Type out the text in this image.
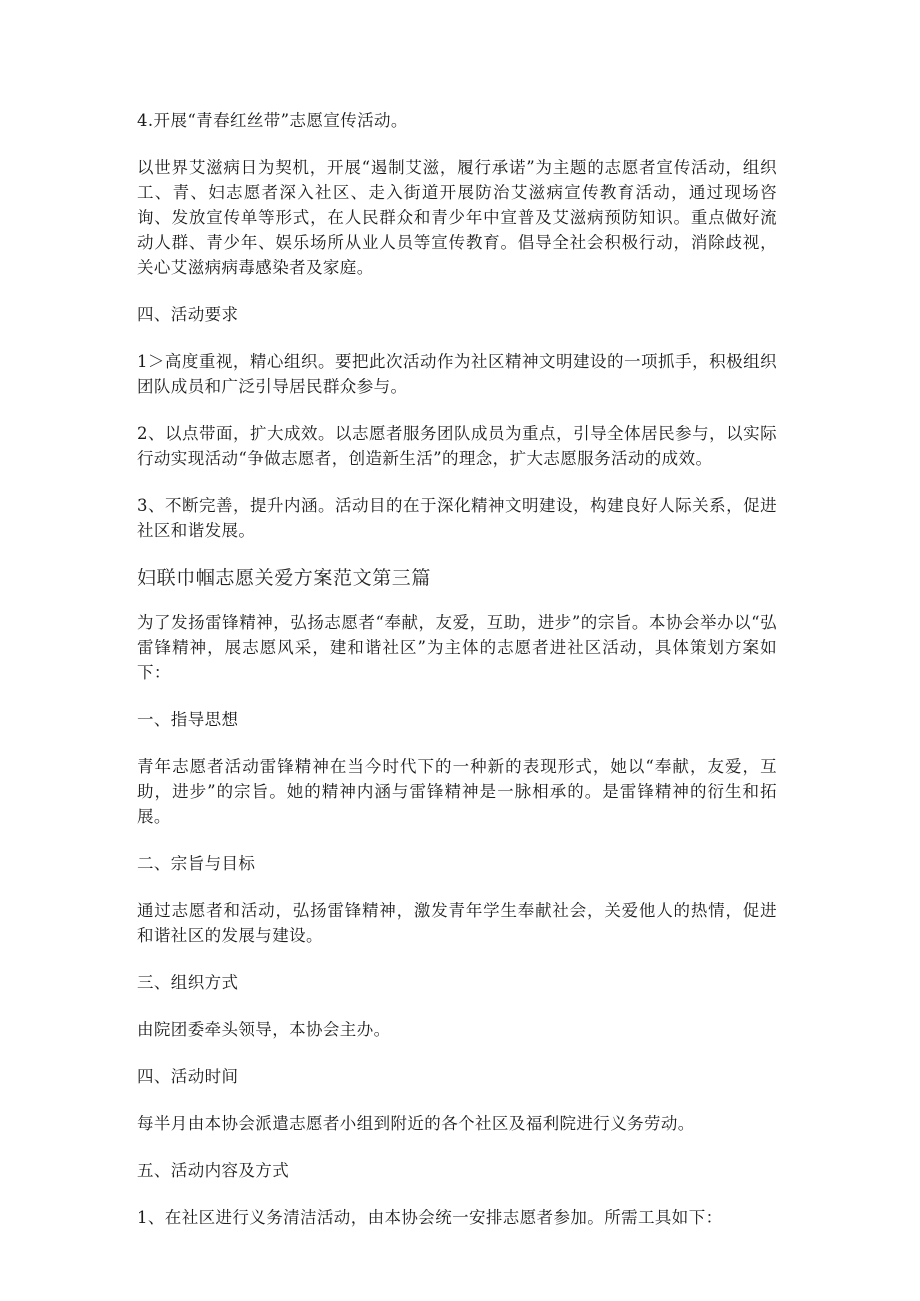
4.开展“青春红丝带”志愿宣传活动。

以世界艾滋病日为契机，开展“遏制艾滋，履行承诺”为主题的志愿者宣传活动，组织工、青、妇志愿者深入社区、走入街道开展防治艾滋病宣传教育活动，通过现场咨询、发放宣传单等形式，在人民群众和青少年中宣普及艾滋病预防知识。重点做好流动人群、青少年、娱乐场所从业人员等宣传教育。倡导全社会积极行动，消除歧视，关心艾滋病病毒感染者及家庭。

四、活动要求

1＞高度重视，精心组织。要把此次活动作为社区精神文明建设的一项抓手，积极组织团队成员和广泛引导居民群众参与。

2、以点带面，扩大成效。以志愿者服务团队成员为重点，引导全体居民参与，以实际行动实现活动“争做志愿者，创造新生活”的理念，扩大志愿服务活动的成效。

3、不断完善，提升内涵。活动目的在于深化精神文明建设，构建良好人际关系，促进社区和谐发展。

妇联巾帼志愿关爱方案范文第三篇

为了发扬雷锋精神，弘扬志愿者“奉献，友爱，互助，进步”的宗旨。本协会举办以“弘雷锋精神，展志愿风采，建和谐社区”为主体的志愿者进社区活动，具体策划方案如下：

一、指导思想

青年志愿者活动雷锋精神在当今时代下的一种新的表现形式，她以“奉献，友爱，互助，进步”的宗旨。她的精神内涵与雷锋精神是一脉相承的。是雷锋精神的衍生和拓展。

二、宗旨与目标

通过志愿者和活动，弘扬雷锋精神，激发青年学生奉献社会，关爱他人的热情，促进和谐社区的发展与建设。

三、组织方式

由院团委牵头领导，本协会主办。

四、活动时间

每半月由本协会派遣志愿者小组到附近的各个社区及福利院进行义务劳动。

五、活动内容及方式

1、在社区进行义务清洁活动，由本协会统一安排志愿者参加。所需工具如下：
